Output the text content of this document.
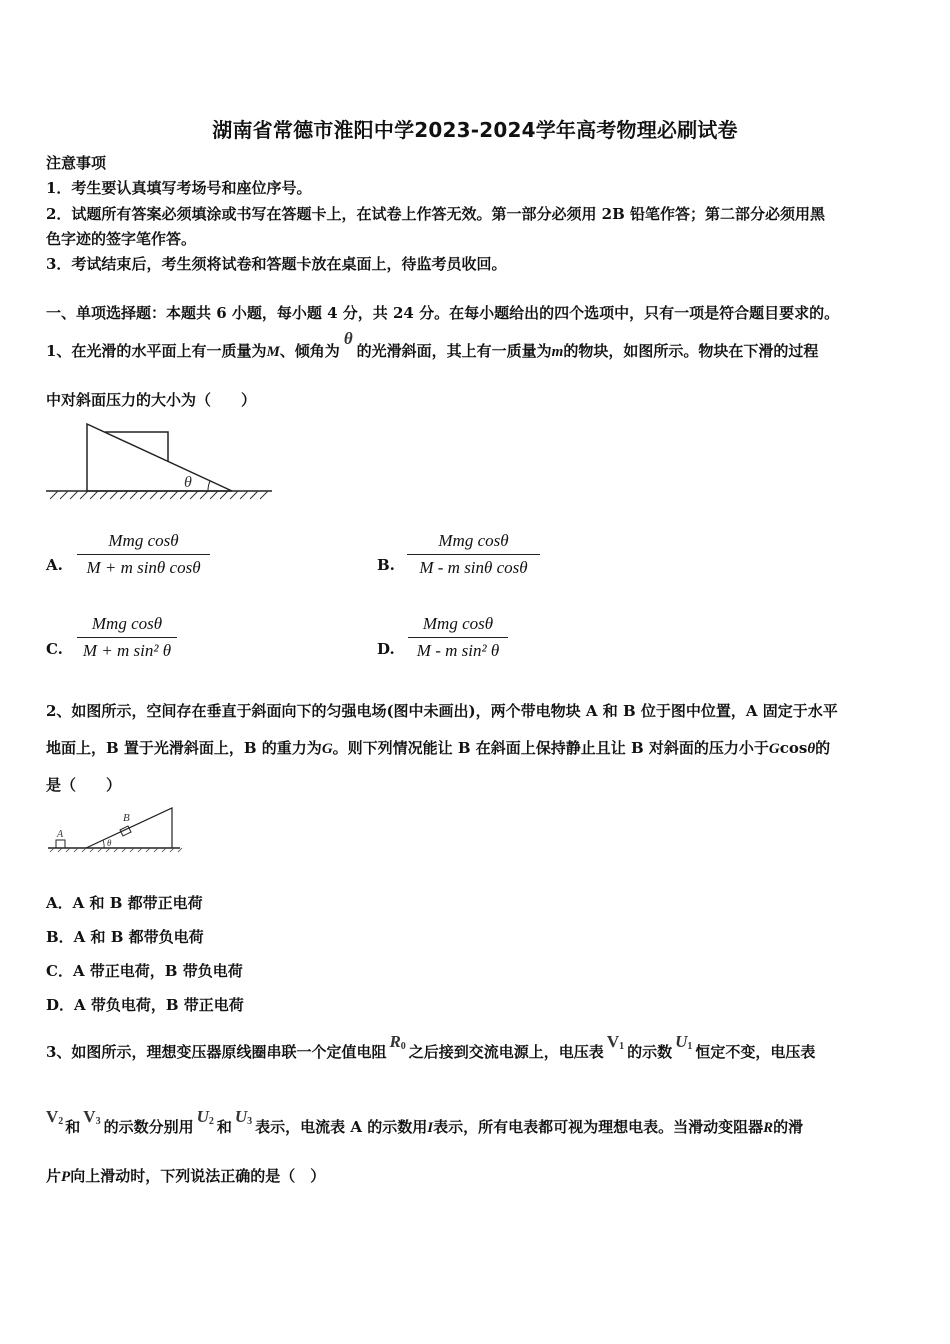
湖南省常德市淮阳中学2023-2024学年高考物理必刷试卷
注意事项
1．考生要认真填写考场号和座位序号。
2．试题所有答案必须填涂或书写在答题卡上，在试卷上作答无效。第一部分必须用 2B 铅笔作答；第二部分必须用黑
色字迹的签字笔作答。
3．考试结束后，考生须将试卷和答题卡放在桌面上，待监考员收回。
一、单项选择题：本题共 6 小题，每小题 4 分，共 24 分。在每小题给出的四个选项中，只有一项是符合题目要求的。
1、在光滑的水平面上有一质量为M、倾角为θ的光滑斜面，其上有一质量为m的物块，如图所示。物块在下滑的过程
中对斜面压力的大小为（　　）
θ
A.
Mmg cosθ
M + m sinθ cosθ	B.
Mmg cosθ
M - m sinθ cosθ
C.
Mmg cosθ
M + m sin² θ	D.
Mmg cosθ
M - m sin² θ
2、如图所示，空间存在垂直于斜面向下的匀强电场(图中未画出)，两个带电物块 A 和 B 位于图中位置，A 固定于水平
地面上，B 置于光滑斜面上，B 的重力为G。则下列情况能让 B 在斜面上保持静止且让 B 对斜面的压力小于Gcosθ的
是（　　）
A
B
θ
A．A 和 B 都带正电荷
B．A 和 B 都带负电荷
C．A 带正电荷，B 带负电荷
D．A 带负电荷，B 带正电荷
3、如图所示，理想变压器原线圈串联一个定值电阻$R_0$ 之后接到交流电源上，电压表$V_1$ 的示数$U_1$ 恒定不变，电压表
$V_2$ 和$V_3$ 的示数分别用$U_2$ 和$U_3$ 表示，电流表 A 的示数用I表示，所有电表都可视为理想电表。当滑动变阻器R的滑
片P向上滑动时，下列说法正确的是（　）
